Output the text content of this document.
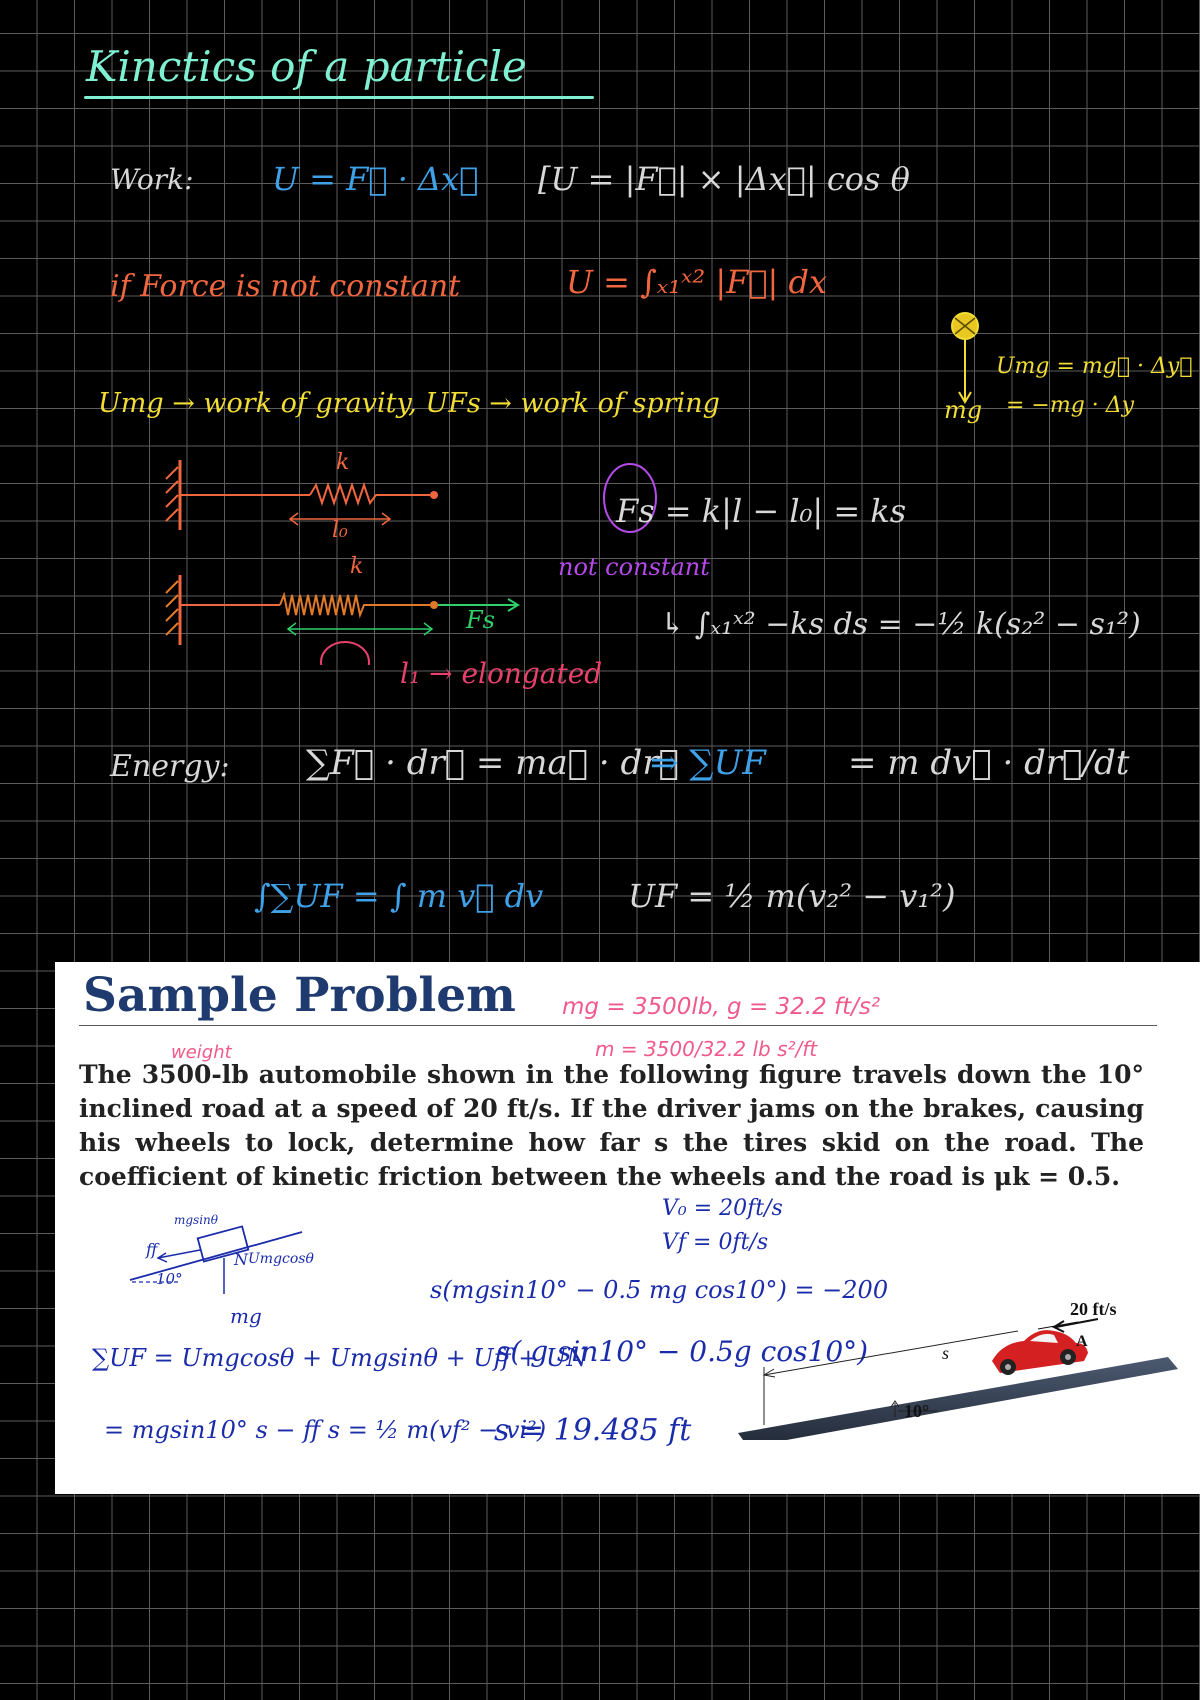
Kinctics of a particle
Work: U = F⃗ · Δx⃗ [U = |F⃗| × |Δx⃗| cos θ
if Force is not constant	U = ∫ₓ₁ˣ² |F⃗| dx
Umg → work of gravity, UFs → work of spring
Umg = mg⃗ · Δy⃗
= −mg · Δy
mg
k
l₀
k
Fs
l₁ → elongated
Fs = k|l − l₀| = ks
not constant
↳ ∫ₓ₁ˣ² −ks ds = −½ k(s₂² − s₁²)
Energy: ∑F⃗ · dr⃗ = ma⃗ · dr⃗
⇒ ∑UF = m dv⃗ · dr⃗/dt
∫∑UF = ∫ m v⃗ dv	UF = ½ m(v₂² − v₁²)
Sample Problem mg = 3500lb, g = 32.2 ft/s²
m = 3500/32.2 lb s²/ft
weight
The 3500-lb automobile shown in the following figure travels down the 10° inclined road at a speed of 20 ft/s. If the driver jams on the brakes, causing his wheels to lock, determine how far s the tires skid on the road. The coefficient of kinetic friction between the wheels and the road is μk = 0.5.
V₀ = 20ft/s
Vf = 0ft/s
mgsinθ
ff
10°
N Umgcosθ
mg
s(mgsin10° − 0.5 mg cos10°) = −200
∑UF = Umgcosθ + Umgsinθ + Uff + UN
s( g sin10° − 0.5g cos10°)
= mgsin10° s − ff s = ½ m(vf² − vi²)
s = 19.485 ft
20 ft/s
s
10°
A
